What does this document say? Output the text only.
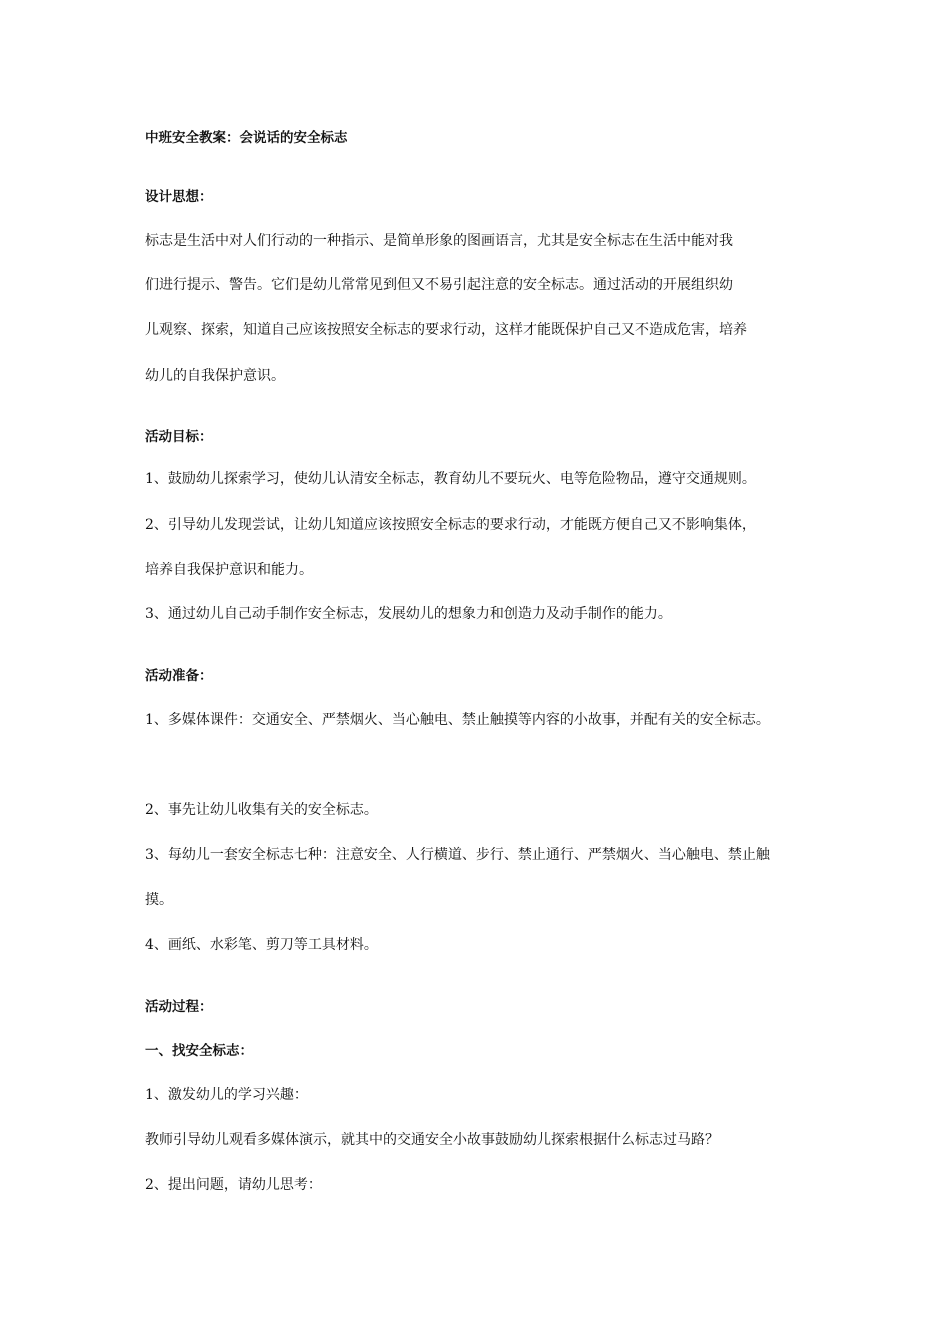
中班安全教案：会说话的安全标志
设计思想：
标志是生活中对人们行动的一种指示、是简单形象的图画语言，尤其是安全标志在生活中能对我
们进行提示、警告。它们是幼儿常常见到但又不易引起注意的安全标志。通过活动的开展组织幼
儿观察、探索，知道自己应该按照安全标志的要求行动，这样才能既保护自己又不造成危害，培养
幼儿的自我保护意识。
活动目标：
1、鼓励幼儿探索学习，使幼儿认清安全标志，教育幼儿不要玩火、电等危险物品，遵守交通规则。
2、引导幼儿发现尝试，让幼儿知道应该按照安全标志的要求行动，才能既方便自己又不影响集体，
培养自我保护意识和能力。
3、通过幼儿自己动手制作安全标志，发展幼儿的想象力和创造力及动手制作的能力。
活动准备：
1、多媒体课件：交通安全、严禁烟火、当心触电、禁止触摸等内容的小故事，并配有关的安全标志。
2、事先让幼儿收集有关的安全标志。
3、每幼儿一套安全标志七种：注意安全、人行横道、步行、禁止通行、严禁烟火、当心触电、禁止触
摸。
4、画纸、水彩笔、剪刀等工具材料。
活动过程：
一、找安全标志：
1、激发幼儿的学习兴趣：
教师引导幼儿观看多媒体演示，就其中的交通安全小故事鼓励幼儿探索根据什么标志过马路？
2、提出问题，请幼儿思考：
